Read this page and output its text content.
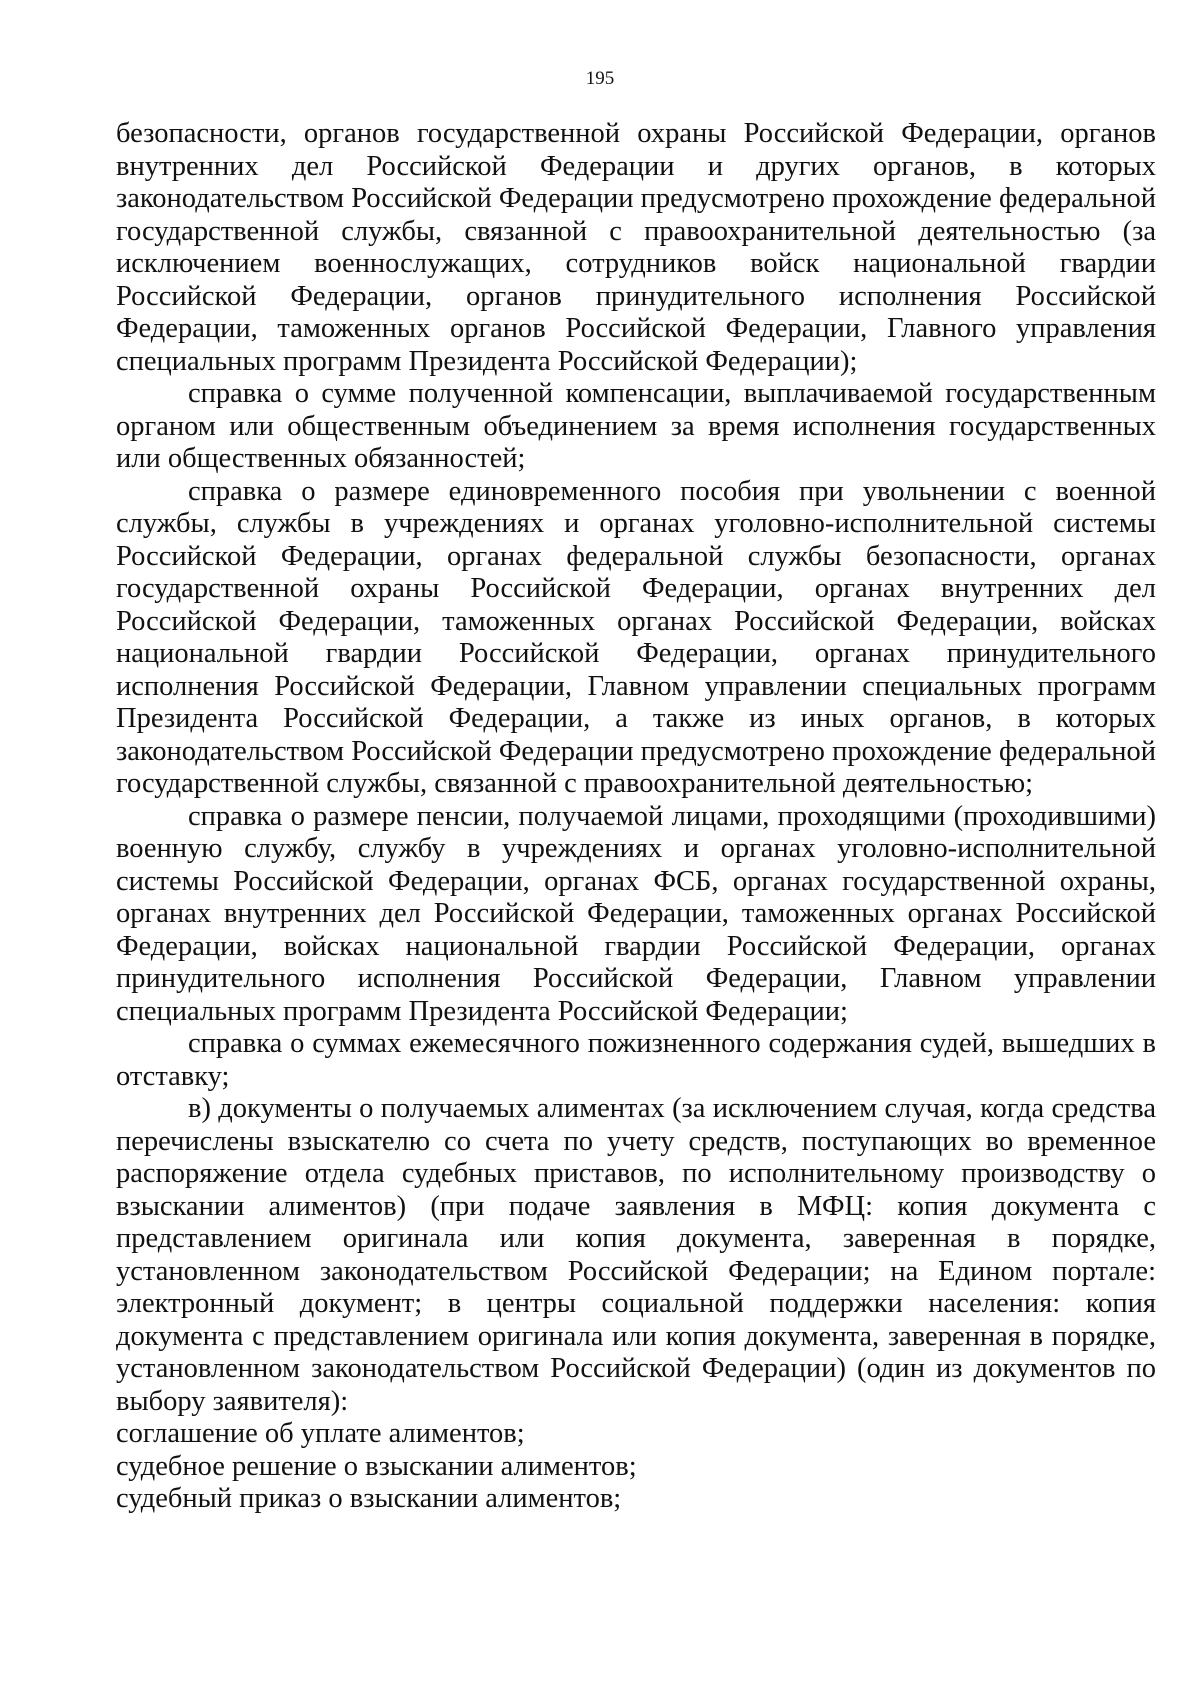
195

безопасности, органов государственной охраны Российской Федерации, органов внутренних дел Российской Федерации и других органов, в которых законодательством Российской Федерации предусмотрено прохождение федеральной государственной службы, связанной с правоохранительной деятельностью (за исключением военнослужащих, сотрудников войск национальной гвардии Российской Федерации, органов принудительного исполнения Российской Федерации, таможенных органов Российской Федерации, Главного управления специальных программ Президента Российской Федерации);

справка о сумме полученной компенсации, выплачиваемой государственным органом или общественным объединением за время исполнения государственных или общественных обязанностей;

справка о размере единовременного пособия при увольнении с военной службы, службы в учреждениях и органах уголовно-исполнительной системы Российской Федерации, органах федеральной службы безопасности, органах государственной охраны Российской Федерации, органах внутренних дел Российской Федерации, таможенных органах Российской Федерации, войсках национальной гвардии Российской Федерации, органах принудительного исполнения Российской Федерации, Главном управлении специальных программ Президента Российской Федерации, а также из иных органов, в которых законодательством Российской Федерации предусмотрено прохождение федеральной государственной службы, связанной с правоохранительной деятельностью;

справка о размере пенсии, получаемой лицами, проходящими (проходившими) военную службу, службу в учреждениях и органах уголовно-исполнительной системы Российской Федерации, органах ФСБ, органах государственной охраны, органах внутренних дел Российской Федерации, таможенных органах Российской Федерации, войсках национальной гвардии Российской Федерации, органах принудительного исполнения Российской Федерации, Главном управлении специальных программ Президента Российской Федерации;

справка о суммах ежемесячного пожизненного содержания судей, вышедших в отставку;

в) документы о получаемых алиментах (за исключением случая, когда средства перечислены взыскателю со счета по учету средств, поступающих во временное распоряжение отдела судебных приставов, по исполнительному производству о взыскании алиментов) (при подаче заявления в МФЦ: копия документа с представлением оригинала или копия документа, заверенная в порядке, установленном законодательством Российской Федерации; на Едином портале: электронный документ; в центры социальной поддержки населения: копия документа с представлением оригинала или копия документа, заверенная в порядке, установленном законодательством Российской Федерации) (один из документов по выбору заявителя):

соглашение об уплате алиментов;

судебное решение о взыскании алиментов;

судебный приказ о взыскании алиментов;
